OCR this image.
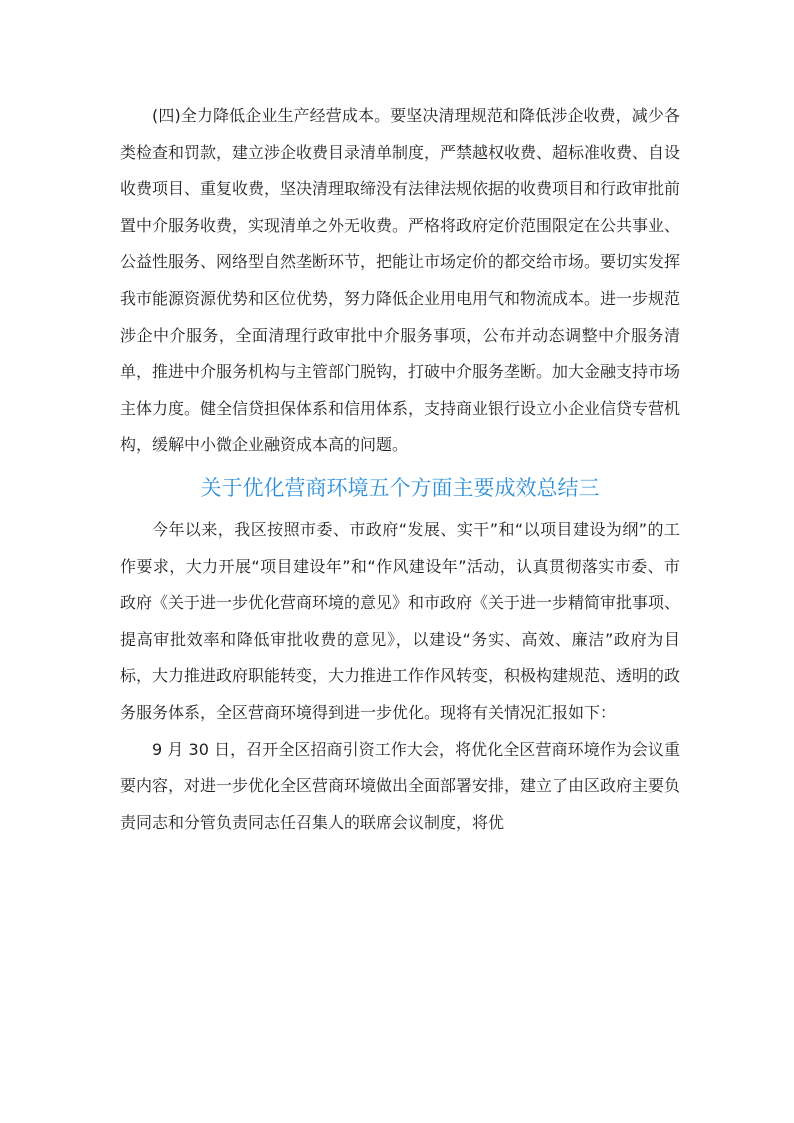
(四)全力降低企业生产经营成本。要坚决清理规范和降低涉企收费，减少各类检查和罚款，建立涉企收费目录清单制度，严禁越权收费、超标准收费、自设收费项目、重复收费，坚决清理取缔没有法律法规依据的收费项目和行政审批前置中介服务收费，实现清单之外无收费。严格将政府定价范围限定在公共事业、公益性服务、网络型自然垄断环节，把能让市场定价的都交给市场。要切实发挥我市能源资源优势和区位优势，努力降低企业用电用气和物流成本。进一步规范涉企中介服务，全面清理行政审批中介服务事项，公布并动态调整中介服务清单，推进中介服务机构与主管部门脱钩，打破中介服务垄断。加大金融支持市场主体力度。健全信贷担保体系和信用体系，支持商业银行设立小企业信贷专营机构，缓解中小微企业融资成本高的问题。

关于优化营商环境五个方面主要成效总结三

今年以来，我区按照市委、市政府“发展、实干”和“以项目建设为纲”的工作要求，大力开展“项目建设年”和“作风建设年”活动，认真贯彻落实市委、市政府《关于进一步优化营商环境的意见》和市政府《关于进一步精简审批事项、提高审批效率和降低审批收费的意见》，以建设“务实、高效、廉洁”政府为目标，大力推进政府职能转变，大力推进工作作风转变，积极构建规范、透明的政务服务体系，全区营商环境得到进一步优化。现将有关情况汇报如下：

9 月 30 日，召开全区招商引资工作大会，将优化全区营商环境作为会议重要内容，对进一步优化全区营商环境做出全面部署安排，建立了由区政府主要负责同志和分管负责同志任召集人的联席会议制度，将优
